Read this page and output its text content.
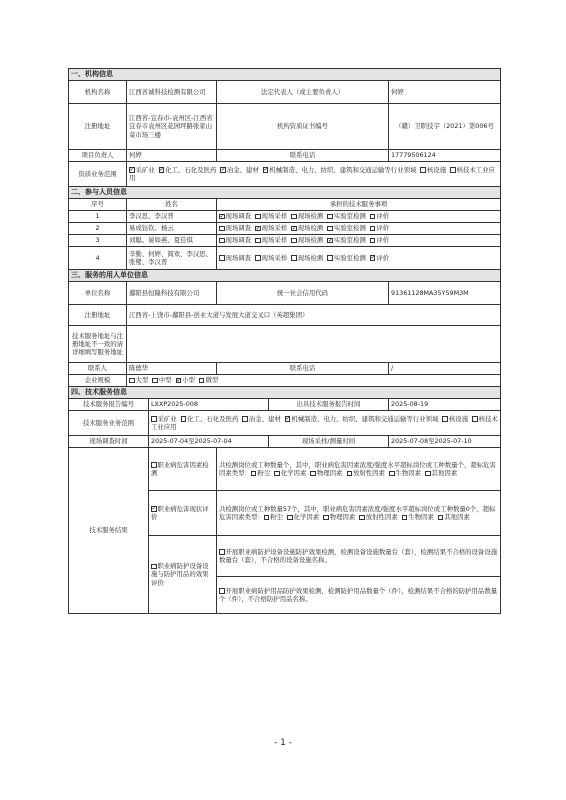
一、机构信息					
机构名称	江西省诚科技检测有限公司		法定代表人（或主要负责人）		何婷
注册地址	江西省-宜春市-袁州区-江西省宜春市袁州区花园坪路张家山菜市场三楼		机构资质证书编号		（赣）卫职技字（2021）第006号
项目负责人	何婷		联系电话		17779506124
资质业务范围	✓采矿业 ✓ 化工、石化及医药 ✓ 冶金、建材 ✓ 机械制造、电力、纺织、建筑和交通运输等行业领域 核设施 核技术工业应用
二、参与人员信息					
序号	姓名		承担的技术服务事项		
1	李汉思、李汉普	✓现场调查 现场采样 现场检测 实验室检测 评价
2	易成钰钦、杨云		现场调查 ✓ 现场采样 ✓ 现场检测 实验室检测 评价
3	刘聪、晏如燕、夏佳琪		现场调查 现场采样 现场检测 ✓ 实验室检测 评价
4	辛勤、何婷、简欢、李汉思、张鹭、李汉普		现场调查 现场采样 现场检测 实验室检测 ✓ 评价
三、服务的用人单位信息					
单位名称	鄱阳县恒隆科技有限公司		统一社会信用代码		91361128MA35Y59M3M
注册地址	江西省-上饶市-鄱阳县-创业大道与发展大道交叉口（英超集团）				
技术服务地址与注册地址不一致的请详细填写服务地址					
联系人	陈德华		联系电话		/
企业规模	大型 中型 ✓ 小型 微型
四、技术服务信息					
技术服务报告编号		LXXP2025-008		出具技术服务报告时间	2025-08-19
技术服务业务范围		采矿业 化工、石化及医药 冶金、建材 ✓ 机械制造、电力、纺织、建筑和交通运输等行业领域 核设施 核技术工业应用
现场调查时间		2025-07-04至2025-07-04		现场采样/测量时间	2025-07-08至2025-07-10
技术服务结果		职业病危害因素检测	共检测岗位或工种数量个，其中，职业病危害因素浓度/强度水平超标岗位或工种数量个，超标危害因素类型： 粉尘 化学因素 物理因素 放射性因素 生物因素 其他因素		
✓职业病危害现状评价	共检测岗位或工种数量57个，其中，职业病危害因素浓度/强度水平超标岗位或工种数量0个，超标危害因素类型： 粉尘 化学因素 物理因素 放射性因素 生物因素 其他因素		
		职业病防护设备设施与防护用品的效果评价	开展职业病防护设备设施防护效果检测，检测设备设施数量台（套），检测结果不合格的设备设施数量台（套），不合格的设备设施名称。		
			开展职业病防护用品防护效果检测，检测防护用品数量个（件），检测结果不合格的防护用品数量个（件），不合格防护用品名称。		
- 1 -
